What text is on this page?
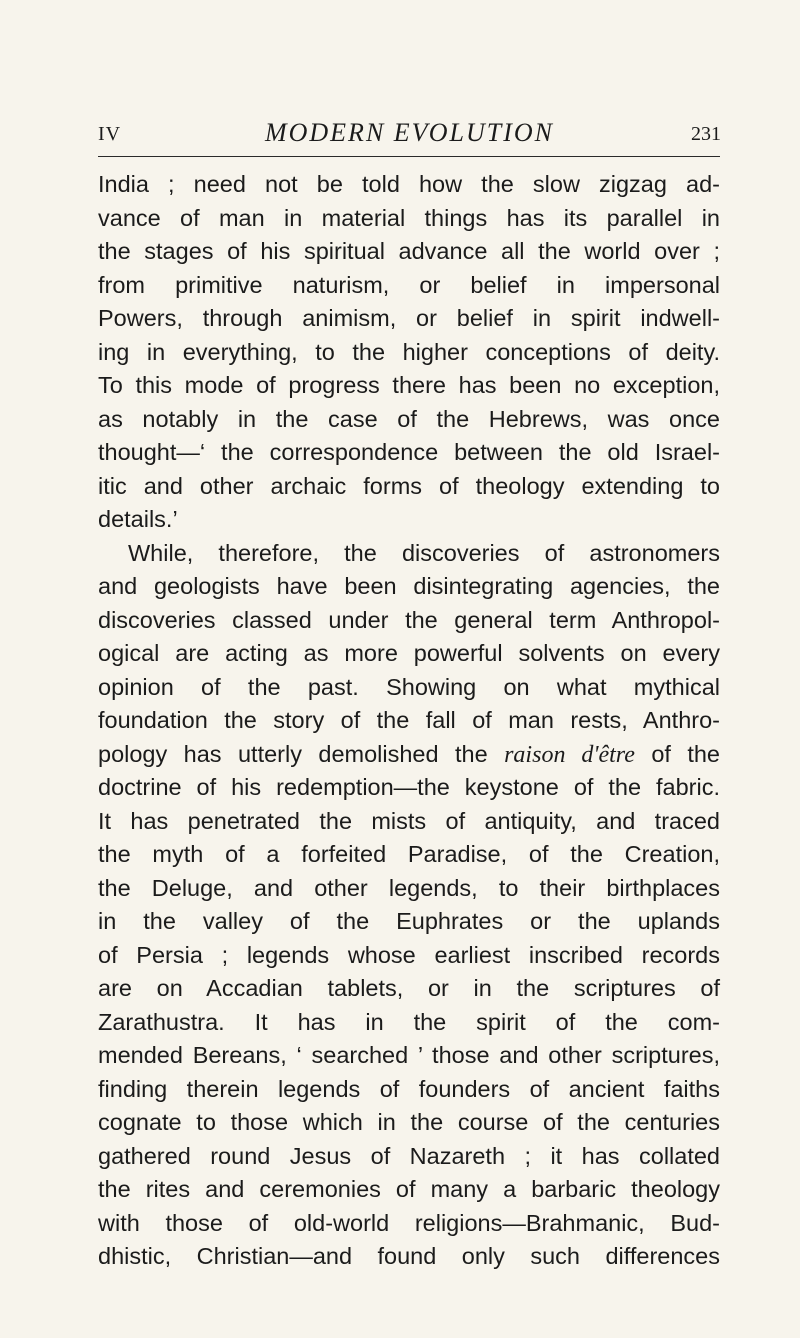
IV	MODERN EVOLUTION	231
India ; need not be told how the slow zigzag ad-
vance of man in material things has its parallel in
the stages of his spiritual advance all the world over ;
from primitive naturism, or belief in impersonal
Powers, through animism, or belief in spirit indwell-
ing in everything, to the higher conceptions of deity.
To this mode of progress there has been no exception,
as notably in the case of the Hebrews, was once
thought—‘ the correspondence between the old Israel-
itic and other archaic forms of theology extending to
details.’
While, therefore, the discoveries of astronomers
and geologists have been disintegrating agencies, the
discoveries classed under the general term Anthropol-
ogical are acting as more powerful solvents on every
opinion of the past. Showing on what mythical
foundation the story of the fall of man rests, Anthro-
pology has utterly demolished the raison d'être of the
doctrine of his redemption—the keystone of the fabric.
It has penetrated the mists of antiquity, and traced
the myth of a forfeited Paradise, of the Creation,
the Deluge, and other legends, to their birthplaces
in the valley of the Euphrates or the uplands
of Persia ; legends whose earliest inscribed records
are on Accadian tablets, or in the scriptures of
Zarathustra. It has in the spirit of the com-
mended Bereans, ‘ searched ’ those and other scriptures,
finding therein legends of founders of ancient faiths
cognate to those which in the course of the centuries
gathered round Jesus of Nazareth ; it has collated
the rites and ceremonies of many a barbaric theology
with those of old-world religions—Brahmanic, Bud-
dhistic, Christian—and found only such differences
